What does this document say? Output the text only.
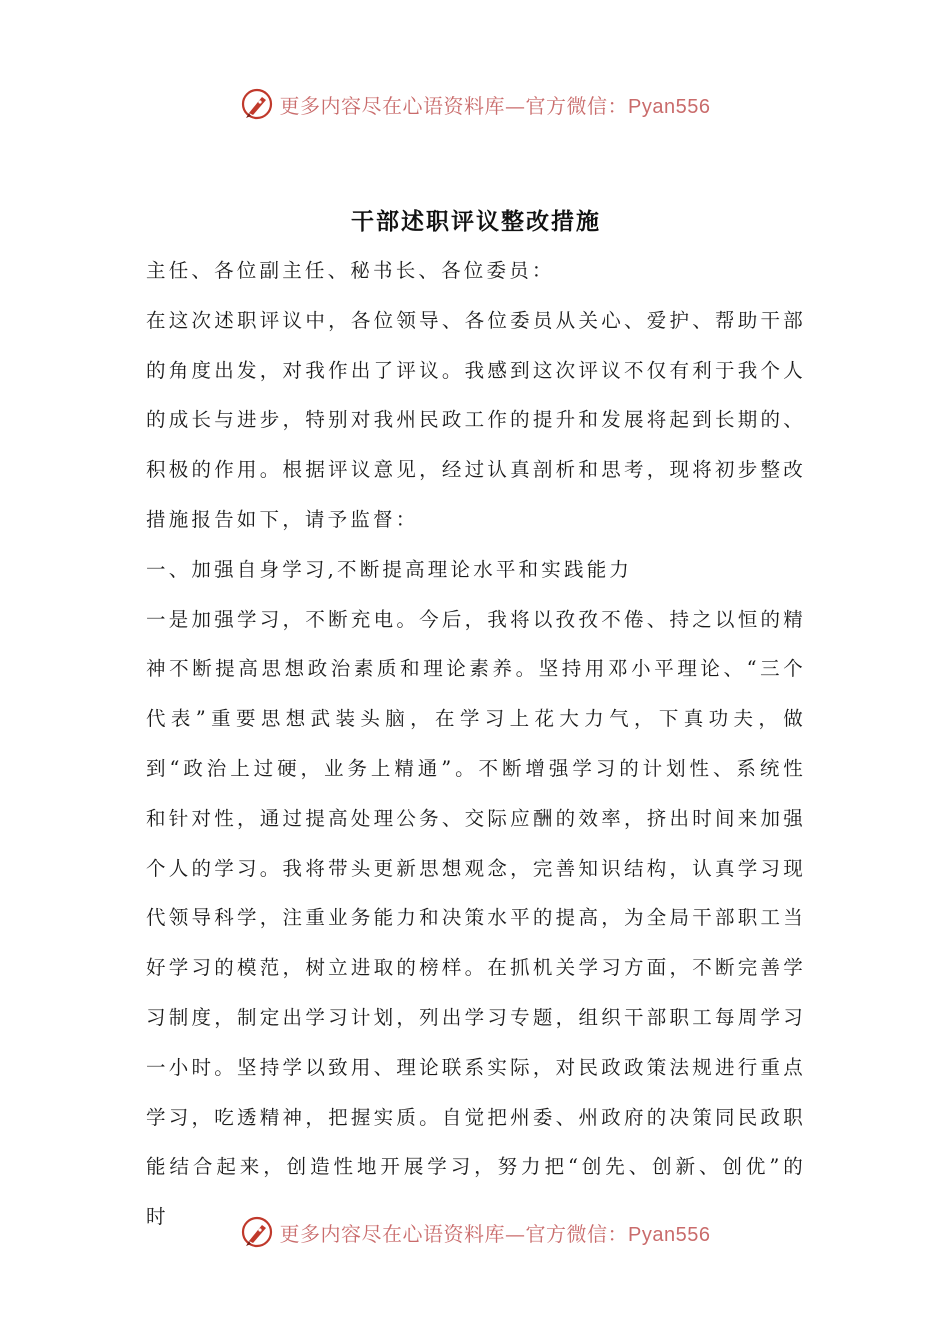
更多内容尽在心语资料库—官方微信：Pyan556
干部述职评议整改措施

主任、各位副主任、秘书长、各位委员：

在这次述职评议中，各位领导、各位委员从关心、爱护、帮助干部的角度出发，对我作出了评议。我感到这次评议不仅有利于我个人的成长与进步，特别对我州民政工作的提升和发展将起到长期的、积极的作用。根据评议意见，经过认真剖析和思考，现将初步整改措施报告如下，请予监督：

一、加强自身学习,不断提高理论水平和实践能力

一是加强学习，不断充电。今后，我将以孜孜不倦、持之以恒的精神不断提高思想政治素质和理论素养。坚持用邓小平理论、“三个代表”重要思想武装头脑，在学习上花大力气，下真功夫，做到“政治上过硬，业务上精通”。不断增强学习的计划性、系统性和针对性，通过提高处理公务、交际应酬的效率，挤出时间来加强个人的学习。我将带头更新思想观念，完善知识结构，认真学习现代领导科学，注重业务能力和决策水平的提高，为全局干部职工当好学习的模范，树立进取的榜样。在抓机关学习方面，不断完善学习制度，制定出学习计划，列出学习专题，组织干部职工每周学习一小时。坚持学以致用、理论联系实际，对民政政策法规进行重点学习，吃透精神，把握实质。自觉把州委、州政府的决策同民政职能结合起来，创造性地开展学习，努力把“创先、创新、创优”的时

更多内容尽在心语资料库—官方微信：Pyan556
